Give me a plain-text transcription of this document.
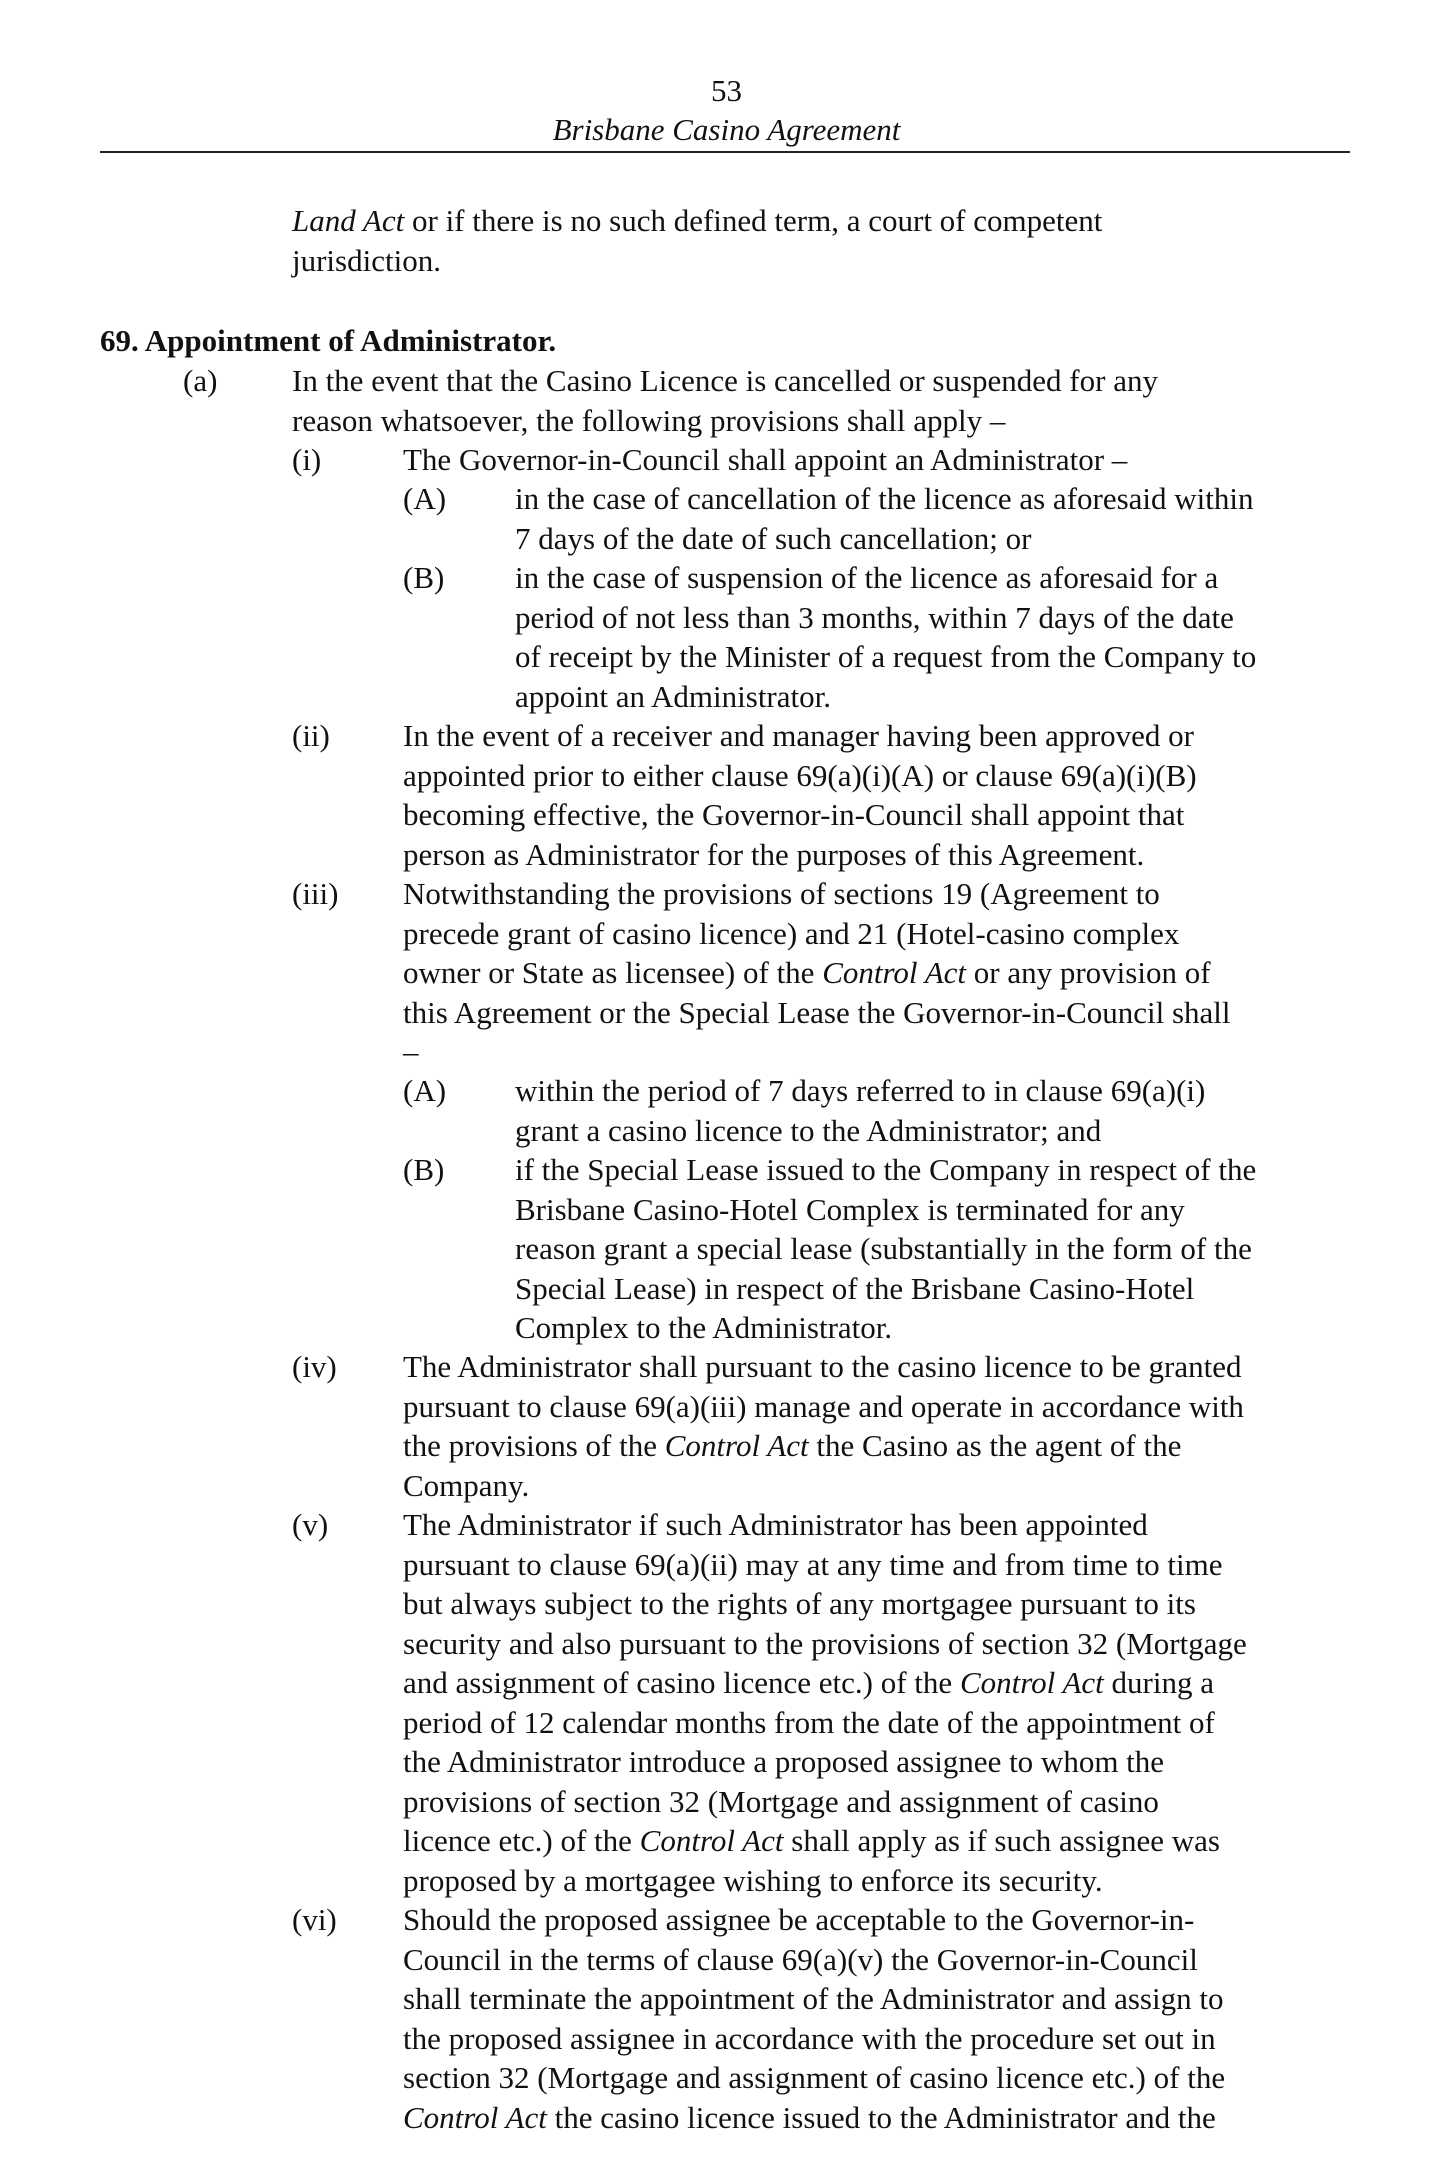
53
Brisbane Casino Agreement
Land Act or if there is no such defined term, a court of competent
jurisdiction.
69. Appointment of Administrator.
(a) In the event that the Casino Licence is cancelled or suspended for any
reason whatsoever, the following provisions shall apply –
(i)	The Governor-in-Council shall appoint an Administrator –
(A) in the case of cancellation of the licence as aforesaid within
7 days of the date of such cancellation; or
(B) in the case of suspension of the licence as aforesaid for a
period of not less than 3 months, within 7 days of the date
of receipt by the Minister of a request from the Company to
appoint an Administrator.
(ii) In the event of a receiver and manager having been approved or
appointed prior to either clause 69(a)(i)(A) or clause 69(a)(i)(B)
becoming effective, the Governor-in-Council shall appoint that
person as Administrator for the purposes of this Agreement.
(iii) Notwithstanding the provisions of sections 19 (Agreement to
precede grant of casino licence) and 21 (Hotel-casino complex
owner or State as licensee) of the Control Act or any provision of
this Agreement or the Special Lease the Governor-in-Council shall
–
(A) within the period of 7 days referred to in clause 69(a)(i)
grant a casino licence to the Administrator; and
(B) if the Special Lease issued to the Company in respect of the
Brisbane Casino-Hotel Complex is terminated for any
reason grant a special lease (substantially in the form of the
Special Lease) in respect of the Brisbane Casino-Hotel
Complex to the Administrator.
(iv) The Administrator shall pursuant to the casino licence to be granted
pursuant to clause 69(a)(iii) manage and operate in accordance with
the provisions of the Control Act the Casino as the agent of the
Company.
(v) The Administrator if such Administrator has been appointed
pursuant to clause 69(a)(ii) may at any time and from time to time
but always subject to the rights of any mortgagee pursuant to its
security and also pursuant to the provisions of section 32 (Mortgage
and assignment of casino licence etc.) of the Control Act during a
period of 12 calendar months from the date of the appointment of
the Administrator introduce a proposed assignee to whom the
provisions of section 32 (Mortgage and assignment of casino
licence etc.) of the Control Act shall apply as if such assignee was
proposed by a mortgagee wishing to enforce its security.
(vi) Should the proposed assignee be acceptable to the Governor-in-
Council in the terms of clause 69(a)(v) the Governor-in-Council
shall terminate the appointment of the Administrator and assign to
the proposed assignee in accordance with the procedure set out in
section 32 (Mortgage and assignment of casino licence etc.) of the
Control Act the casino licence issued to the Administrator and the
